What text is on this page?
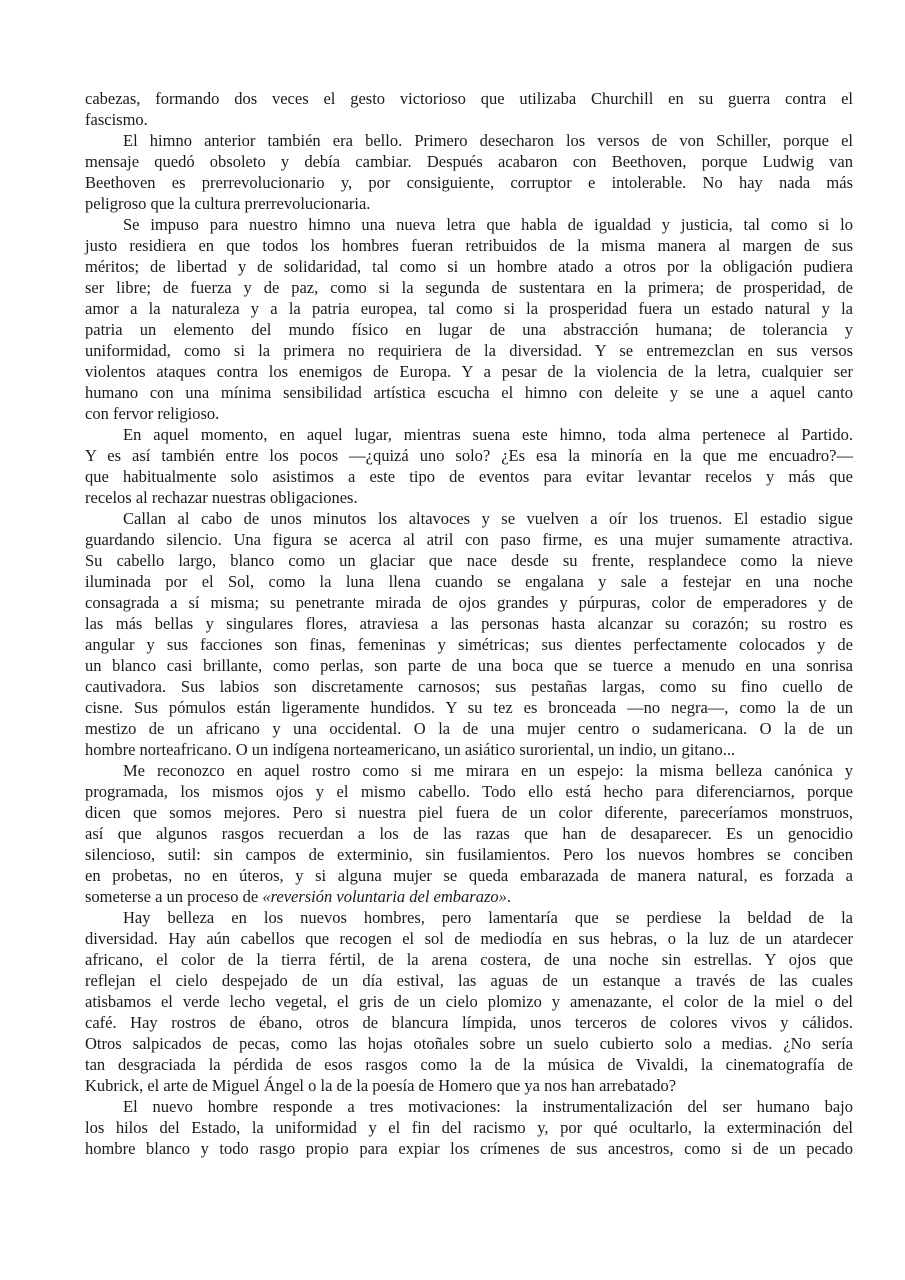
cabezas, formando dos veces el gesto victorioso que utilizaba Churchill en su guerra contra el
fascismo.

El himno anterior también era bello. Primero desecharon los versos de von Schiller, porque el
mensaje quedó obsoleto y debía cambiar. Después acabaron con Beethoven, porque Ludwig van
Beethoven es prerrevolucionario y, por consiguiente, corruptor e intolerable. No hay nada más
peligroso que la cultura prerrevolucionaria.

Se impuso para nuestro himno una nueva letra que habla de igualdad y justicia, tal como si lo
justo residiera en que todos los hombres fueran retribuidos de la misma manera al margen de sus
méritos; de libertad y de solidaridad, tal como si un hombre atado a otros por la obligación pudiera
ser libre; de fuerza y de paz, como si la segunda de sustentara en la primera; de prosperidad, de
amor a la naturaleza y a la patria europea, tal como si la prosperidad fuera un estado natural y la
patria un elemento del mundo físico en lugar de una abstracción humana; de tolerancia y
uniformidad, como si la primera no requiriera de la diversidad. Y se entremezclan en sus versos
violentos ataques contra los enemigos de Europa. Y a pesar de la violencia de la letra, cualquier ser
humano con una mínima sensibilidad artística escucha el himno con deleite y se une a aquel canto
con fervor religioso.

En aquel momento, en aquel lugar, mientras suena este himno, toda alma pertenece al Partido.
Y es así también entre los pocos —¿quizá uno solo? ¿Es esa la minoría en la que me encuadro?—
que habitualmente solo asistimos a este tipo de eventos para evitar levantar recelos y más que
recelos al rechazar nuestras obligaciones.

Callan al cabo de unos minutos los altavoces y se vuelven a oír los truenos. El estadio sigue
guardando silencio. Una figura se acerca al atril con paso firme, es una mujer sumamente atractiva.
Su cabello largo, blanco como un glaciar que nace desde su frente, resplandece como la nieve
iluminada por el Sol, como la luna llena cuando se engalana y sale a festejar en una noche
consagrada a sí misma; su penetrante mirada de ojos grandes y púrpuras, color de emperadores y de
las más bellas y singulares flores, atraviesa a las personas hasta alcanzar su corazón; su rostro es
angular y sus facciones son finas, femeninas y simétricas; sus dientes perfectamente colocados y de
un blanco casi brillante, como perlas, son parte de una boca que se tuerce a menudo en una sonrisa
cautivadora. Sus labios son discretamente carnosos; sus pestañas largas, como su fino cuello de
cisne. Sus pómulos están ligeramente hundidos. Y su tez es bronceada —no negra—, como la de un
mestizo de un africano y una occidental. O la de una mujer centro o sudamericana. O la de un
hombre norteafricano. O un indígena norteamericano, un asiático suroriental, un indio, un gitano...

Me reconozco en aquel rostro como si me mirara en un espejo: la misma belleza canónica y
programada, los mismos ojos y el mismo cabello. Todo ello está hecho para diferenciarnos, porque
dicen que somos mejores. Pero si nuestra piel fuera de un color diferente, pareceríamos monstruos,
así que algunos rasgos recuerdan a los de las razas que han de desaparecer. Es un genocidio
silencioso, sutil: sin campos de exterminio, sin fusilamientos. Pero los nuevos hombres se conciben
en probetas, no en úteros, y si alguna mujer se queda embarazada de manera natural, es forzada a
someterse a un proceso de «reversión voluntaria del embarazo».

Hay belleza en los nuevos hombres, pero lamentaría que se perdiese la beldad de la
diversidad. Hay aún cabellos que recogen el sol de mediodía en sus hebras, o la luz de un atardecer
africano, el color de la tierra fértil, de la arena costera, de una noche sin estrellas. Y ojos que
reflejan el cielo despejado de un día estival, las aguas de un estanque a través de las cuales
atisbamos el verde lecho vegetal, el gris de un cielo plomizo y amenazante, el color de la miel o del
café. Hay rostros de ébano, otros de blancura límpida, unos terceros de colores vivos y cálidos.
Otros salpicados de pecas, como las hojas otoñales sobre un suelo cubierto solo a medias. ¿No sería
tan desgraciada la pérdida de esos rasgos como la de la música de Vivaldi, la cinematografía de
Kubrick, el arte de Miguel Ángel o la de la poesía de Homero que ya nos han arrebatado?

El nuevo hombre responde a tres motivaciones: la instrumentalización del ser humano bajo
los hilos del Estado, la uniformidad y el fin del racismo y, por qué ocultarlo, la exterminación del
hombre blanco y todo rasgo propio para expiar los crímenes de sus ancestros, como si de un pecado
